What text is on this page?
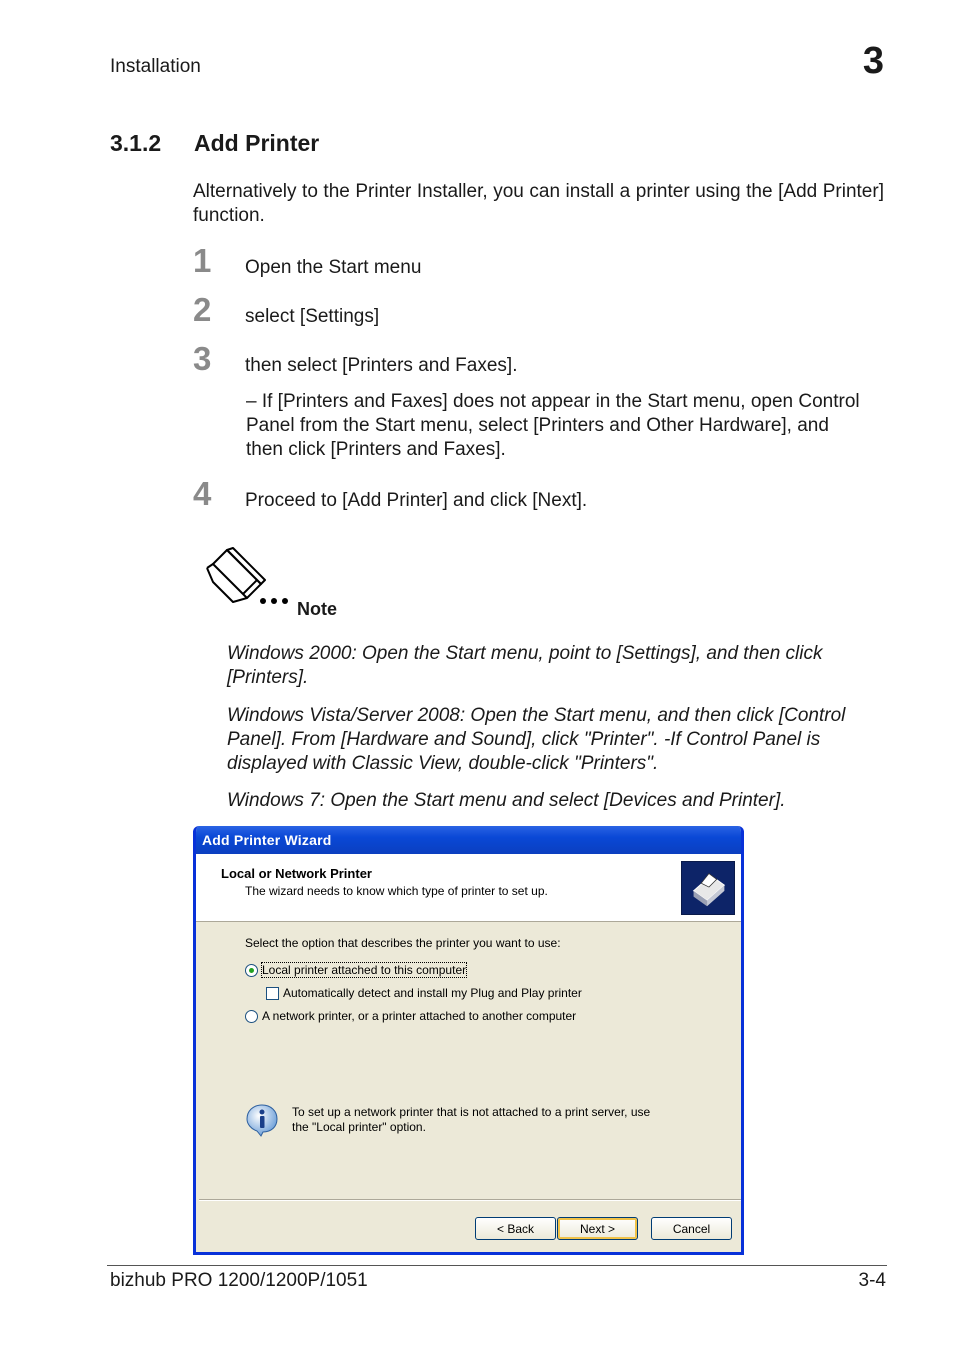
Installation	3
3.1.2 Add Printer

Alternatively to the Printer Installer, you can install a printer using the [Add Printer] function.

1 Open the Start menu
2 select [Settings]
3 then select [Printers and Faxes].

– If [Printers and Faxes] does not appear in the Start menu, open Control Panel from the Start menu, select [Printers and Other Hardware], and then click [Printers and Faxes].

4 Proceed to [Add Printer] and click [Next].
Note

Windows 2000: Open the Start menu, point to [Settings], and then click [Printers].

Windows Vista/Server 2008: Open the Start menu, and then click [Control Panel]. From [Hardware and Sound], click "Printer". -If Control Panel is displayed with Classic View, double-click "Printers".

Windows 7: Open the Start menu and select [Devices and Printer].

Add Printer Wizard
Local or Network Printer
The wizard needs to know which type of printer to set up.
Select the option that describes the printer you want to use:
Local printer attached to this computer
Automatically detect and install my Plug and Play printer
A network printer, or a printer attached to another computer
To set up a network printer that is not attached to a print server, use the "Local printer" option.
< Back	Next >	Cancel
bizhub PRO 1200/1200P/1051	3-4
